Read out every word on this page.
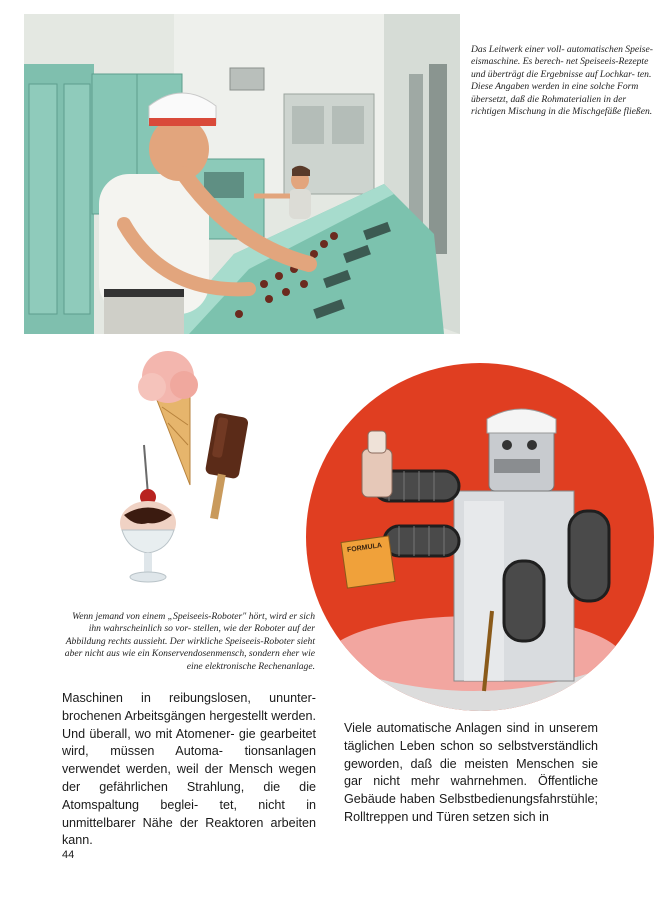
Das Leitwerk einer voll- automatischen Speise- eismaschine. Es berech- net Speiseeis-Rezepte und überträgt die Ergebnisse auf Lochkar- ten. Diese Angaben werden in eine solche Form übersetzt, daß die Rohmaterialien in der richtigen Mischung in die Mischgefäße fließen.
FORMULA
Wenn jemand von einem „Speiseeis-Roboter" hört, wird er sich ihn wahrscheinlich so vor- stellen, wie der Roboter auf der Abbildung rechts aussieht. Der wirkliche Speiseeis-Roboter sieht aber nicht aus wie ein Konservendosenmensch, sondern eher wie eine elektronische Rechenanlage.
Maschinen in reibungslosen, ununter- brochenen Arbeitsgängen hergestellt werden. Und überall, wo mit Atomener- gie gearbeitet wird, müssen Automa- tionsanlagen verwendet werden, weil der Mensch wegen der gefährlichen Strahlung, die die Atomspaltung beglei- tet, nicht in unmittelbarer Nähe der Reaktoren arbeiten kann.
Viele automatische Anlagen sind in unserem täglichen Leben schon so selbstverständlich geworden, daß die meisten Menschen sie gar nicht mehr wahrnehmen. Öffentliche Gebäude haben Selbstbedienungsfahrstühle; Rolltreppen und Türen setzen sich in
44
